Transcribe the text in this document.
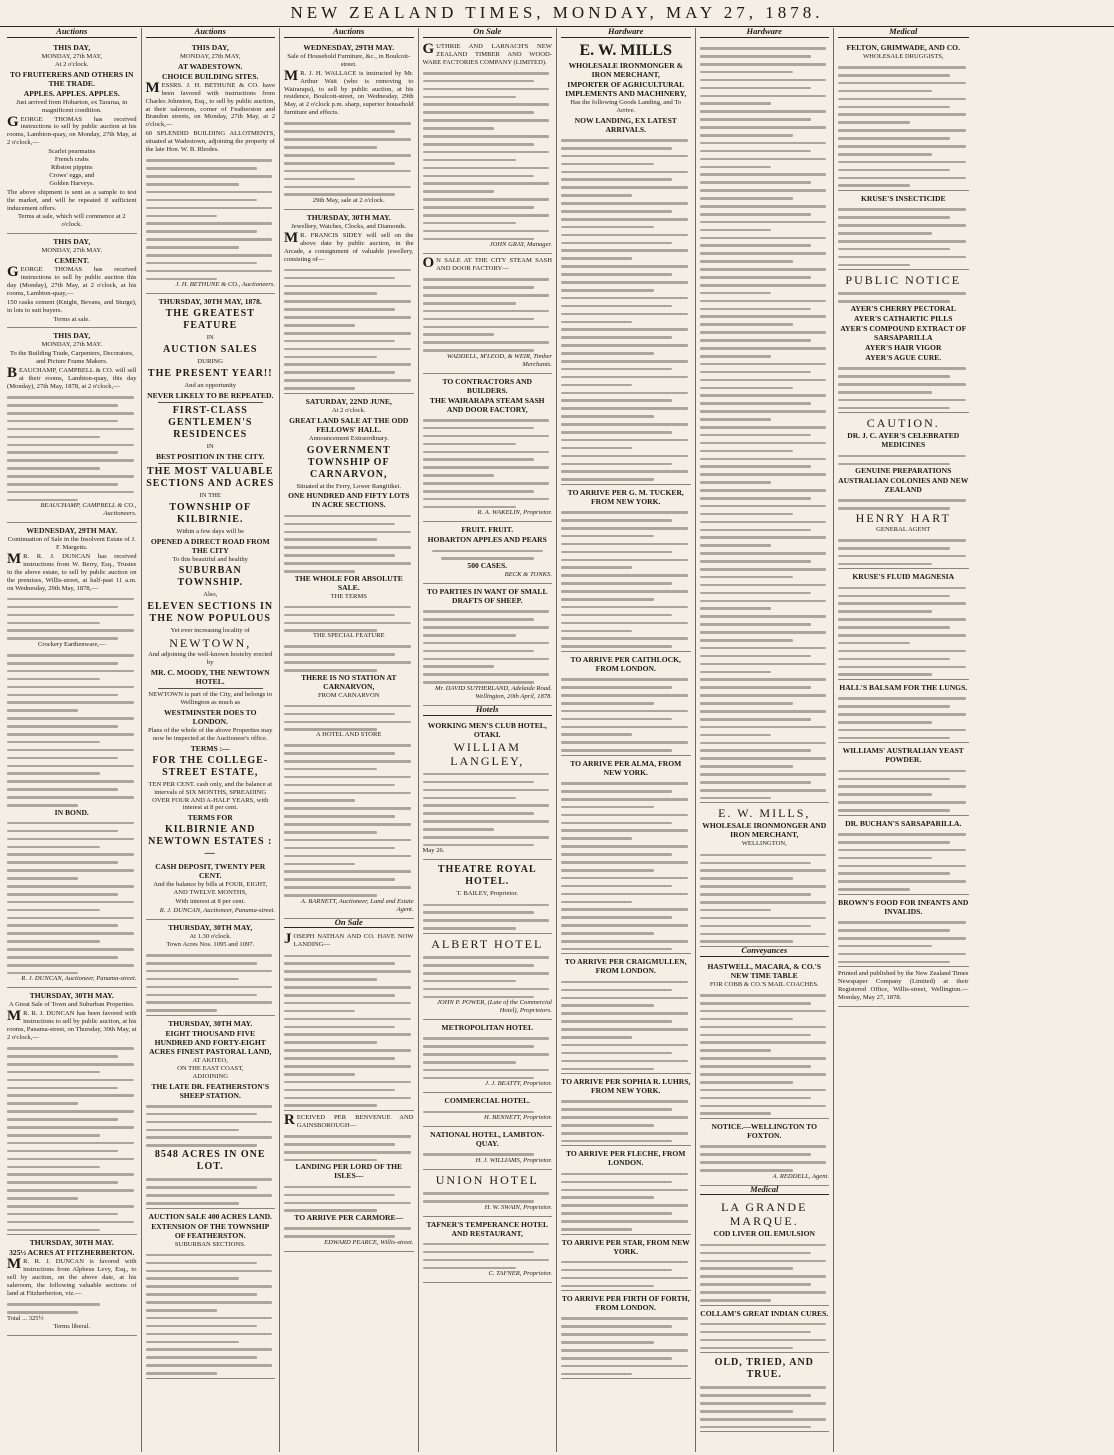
NEW ZEALAND TIMES, MONDAY, MAY 27, 1878.
Auctions
THIS DAY,
MONDAY, 27th MAY,
At 2 o'clock.
TO FRUITERERS AND OTHERS IN THE TRADE.
APPLES. APPLES. APPLES.

Just arrived from Hobarton, ex Tararua, in magnificent condition.

GEORGE THOMAS has received instructions to sell by public auction at his rooms, Lambton-quay, on Monday, 27th May, at 2 o'clock,—

Scarlet pearmains
French crabs
Ribston pippins
Crows' eggs, and
Golden Harveys.

The above shipment is sent as a sample to test the market, and will be repeated if sufficient inducement offers.

Terms at sale, which will commence at 2 o'clock.

THIS DAY,
MONDAY, 27th MAY.
CEMENT.

GEORGE THOMAS has received instructions to sell by public auction this day (Monday), 27th May, at 2 o'clock, at his rooms, Lambton-quay,—

150 casks cement (Knight, Bevans, and Sturge), in lots to suit buyers.

Terms at sale.

THIS DAY,
MONDAY, 27th MAY.

To the Building Trade, Carpenters, Decorators, and Picture Frame Makers.

BEAUCHAMP, CAMPBELL & CO. will sell at their rooms, Lambton-quay, this day (Monday), 27th May, 1878, at 2 o'clock,—

BEAUCHAMP, CAMPBELL & CO., Auctioneers.

WEDNESDAY, 29TH MAY.

Continuation of Sale in the Insolvent Estate of J. F. Margetts.

MR. R. J. DUNCAN has received instructions from W. Berry, Esq., Trustee in the above estate, to sell by public auction on the premises, Willis-street, at half-past 11 a.m. on Wednesday, 29th May, 1878,—

Crockery Earthenware,—

IN BOND.

R. J. DUNCAN, Auctioneer, Panama-street.

THURSDAY, 30TH MAY.

A Great Sale of Town and Suburban Properties.

MR. R. J. DUNCAN has been favored with instructions to sell by public auction, at his rooms, Panama-street, on Thursday, 30th May, at 2 o'clock,—

THURSDAY, 30TH MAY.
325½ ACRES AT FITZHERBERTON.

MR. R. J. DUNCAN is favored with instructions from Alpheus Levy, Esq., to sell by auction, on the above date, at his saleroom, the following valuable sections of land at Fitzherberton, viz.—

Total ... 325½

Terms liberal.

Auctions
THIS DAY,
MONDAY, 27th MAY,
AT WADESTOWN.
CHOICE BUILDING SITES.

MESSRS. J. H. BETHUNE & CO. have been favored with instructions from Charles Johnston, Esq., to sell by public auction, at their saleroom, corner of Featherston and Brandon streets, on Monday, 27th May, at 2 o'clock,—

60 SPLENDID BUILDING ALLOTMENTS, situated at Wadestown, adjoining the property of the late Hon. W. B. Rhodes.

J. H. BETHUNE & CO., Auctioneers.

THURSDAY, 30TH MAY, 1878.
THE GREATEST FEATURE
IN
AUCTION SALES
DURING
THE PRESENT YEAR!!
And an opportunity
NEVER LIKELY TO BE REPEATED.
FIRST-CLASS GENTLEMEN'S RESIDENCES
IN
BEST POSITION IN THE CITY.
THE MOST VALUABLE SECTIONS AND ACRES
IN THE
TOWNSHIP OF KILBIRNIE.
Within a few days will be
OPENED A DIRECT ROAD FROM THE CITY
To this beautiful and healthy
SUBURBAN TOWNSHIP.
Also,
ELEVEN SECTIONS IN THE NOW POPULOUS
Yet ever increasing locality of
NEWTOWN,
And adjoining the well-known hostelry erected by
MR. C. MOODY, THE NEWTOWN HOTEL.

NEWTOWN is part of the City, and belongs to Wellington as much as

WESTMINSTER DOES TO LONDON.

Plans of the whole of the above Properties may now be inspected at the Auctioneer's office.

TERMS :—
FOR THE COLLEGE-STREET ESTATE,

TEN PER CENT. cash only, and the balance at intervals of SIX MONTHS, SPREADING OVER FOUR AND A-HALF YEARS, with interest at 8 per cent.

TERMS FOR
KILBIRNIE AND NEWTOWN ESTATES :—
CASH DEPOSIT, TWENTY PER CENT.

And the balance by bills at FOUR, EIGHT, AND TWELVE MONTHS,

With interest at 8 per cent.

R. J. DUNCAN, Auctioneer, Panama-street.

THURSDAY, 30TH MAY,
At 1.30 o'clock.
Town Acres Nos. 1095 and 1097.
THURSDAY, 30TH MAY.
EIGHT THOUSAND FIVE HUNDRED AND FORTY-EIGHT ACRES FINEST PASTORAL LAND,
AT AKITEO,
ON THE EAST COAST,
ADJOINING
THE LATE DR. FEATHERSTON'S SHEEP STATION.
8548 ACRES IN ONE LOT.
AUCTION SALE 400 ACRES LAND.
EXTENSION OF THE TOWNSHIP OF FEATHERSTON.
SUBURBAN SECTIONS.
Auctions
WEDNESDAY, 29TH MAY.

Sale of Household Furniture, &c., in Boulcott-street.

MR. J. H. WALLACE is instructed by Mr. Arthur Wait (who is removing to Wairarapa), to sell by public auction, at his residence, Boulcott-street, on Wednesday, 29th May, at 2 o'clock p.m. sharp, superior household furniture and effects.

29th May, sale at 2 o'clock.

THURSDAY, 30TH MAY.

Jewellery, Watches, Clocks, and Diamonds.

MR. FRANCIS SIDEY will sell on the above date by public auction, in the Arcade, a consignment of valuable jewellery, consisting of—

SATURDAY, 22ND JUNE,
At 2 o'clock.
GREAT LAND SALE AT THE ODD FELLOWS' HALL.
Announcement Extraordinary.
GOVERNMENT TOWNSHIP OF CARNARVON,
Situated at the Ferry, Lower Rangitikei.
ONE HUNDRED AND FIFTY LOTS IN ACRE SECTIONS.
THE WHOLE FOR ABSOLUTE SALE.
THE TERMS
THE SPECIAL FEATURE
THERE IS NO STATION AT CARNARVON,
FROM CARNARVON
A HOTEL AND STORE

A. BARNETT, Auctioneer, Land and Estate Agent.

On Sale

JOSEPH NATHAN AND CO. HAVE NOW LANDING—

RECEIVED PER BENVENUE AND GAINSBOROUGH—

LANDING PER LORD OF THE ISLES—
TO ARRIVE PER CARMORE—

EDWARD PEARCE, Willis-street.

On Sale

GUTHRIE AND LARNACH'S NEW ZEALAND TIMBER AND WOOD-WARE FACTORIES COMPANY (LIMITED).

JOHN GRAY, Manager.

ON SALE AT THE CITY STEAM SASH AND DOOR FACTORY—

WADDELL, M'LEOD, & WEIR, Timber Merchants.

TO CONTRACTORS AND BUILDERS.
THE WAIRARAPA STEAM SASH AND DOOR FACTORY,

R. A. WAKELIN, Proprietor.

FRUIT. FRUIT.
HOBARTON APPLES AND PEARS
500 CASES.

BECK & TONKS.

TO PARTIES IN WANT OF SMALL DRAFTS OF SHEEP.

Mr. DAVID SUTHERLAND, Adelaide Road. Wellington, 20th April, 1878.

Hotels
WORKING MEN'S CLUB HOTEL, OTAKI.
WILLIAM LANGLEY,

May 26.

THEATRE ROYAL HOTEL.
T. BAILEY, Proprietor.
ALBERT HOTEL

JOHN P. POWER, (Late of the Commercial Hotel), Proprietors.

METROPOLITAN HOTEL

J. J. BEATTY, Proprietor.

COMMERCIAL HOTEL.

H. BENNETT, Proprietor.

NATIONAL HOTEL, LAMBTON-QUAY.

H. J. WILLIAMS, Proprietor.

UNION HOTEL

H. W. SWAIN, Proprietor.

TAFNER'S TEMPERANCE HOTEL AND RESTAURANT,

C. TAFNER, Proprietor.

Hardware
E. W. MILLS
WHOLESALE IRONMONGER & IRON MERCHANT,
IMPORTER OF AGRICULTURAL IMPLEMENTS AND MACHINERY,
Has the following Goods Landing, and To Arrive.
NOW LANDING, EX LATEST ARRIVALS.
TO ARRIVE PER G. M. TUCKER, FROM NEW YORK.
TO ARRIVE PER CAITHLOCK, FROM LONDON.
TO ARRIVE PER ALMA, FROM NEW YORK.
TO ARRIVE PER CRAIGMULLEN, FROM LONDON.
TO ARRIVE PER SOPHIA R. LUHRS, FROM NEW YORK.
TO ARRIVE PER FLECHE, FROM LONDON.
TO ARRIVE PER STAR, FROM NEW YORK.
TO ARRIVE PER FIRTH OF FORTH, FROM LONDON.
Hardware
E. W. MILLS,
WHOLESALE IRONMONGER AND IRON MERCHANT,
WELLINGTON,
Conveyances
HASTWELL, MACARA, & CO.'S NEW TIME TABLE
FOR COBB & CO.'S MAIL COACHES.
NOTICE.—WELLINGTON TO FOXTON.

A. REDDELL, Agent.

Medical
LA GRANDE MARQUE.
COD LIVER OIL EMULSION
COLLAM'S GREAT INDIAN CURES.
OLD, TRIED, AND TRUE.
Medical
FELTON, GRIMWADE, AND CO.
WHOLESALE DRUGGISTS,
KRUSE'S INSECTICIDE
PUBLIC NOTICE
AYER'S CHERRY PECTORAL
AYER'S CATHARTIC PILLS
AYER'S COMPOUND EXTRACT OF SARSAPARILLA
AYER'S HAIR VIGOR
AYER'S AGUE CURE.
CAUTION.
DR. J. C. AYER'S CELEBRATED MEDICINES
GENUINE PREPARATIONS
AUSTRALIAN COLONIES AND NEW ZEALAND
HENRY HART
GENERAL AGENT
KRUSE'S FLUID MAGNESIA
HALL'S BALSAM FOR THE LUNGS.
WILLIAMS' AUSTRALIAN YEAST POWDER.
DR. BUCHAN'S SARSAPARILLA.
BROWN'S FOOD FOR INFANTS AND INVALIDS.

Printed and published by the New Zealand Times Newspaper Company (Limited) at their Registered Office, Willis-street, Wellington.—Monday, May 27, 1878.
